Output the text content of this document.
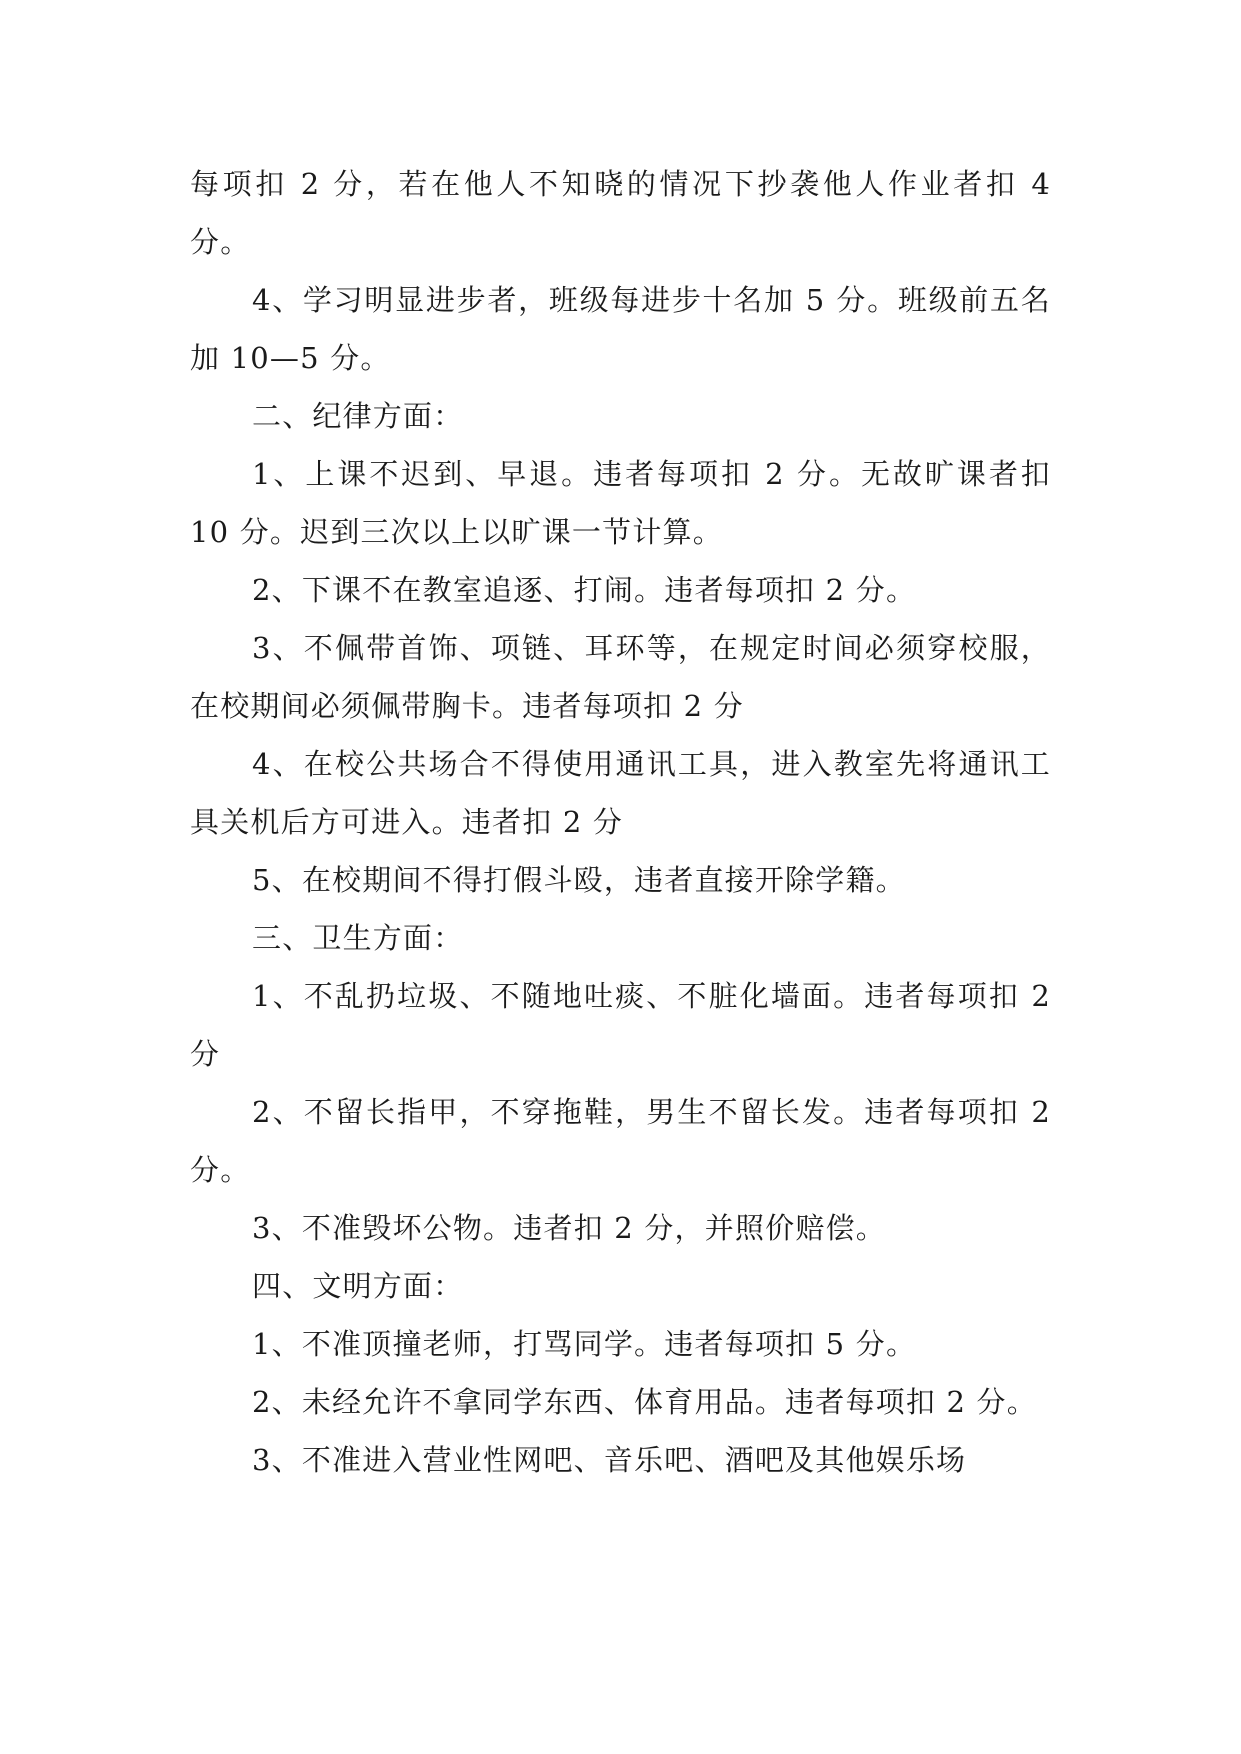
每项扣 2 分，若在他人不知晓的情况下抄袭他人作业者扣 4 分。

4、学习明显进步者，班级每进步十名加 5 分。班级前五名加 10—5 分。

二、纪律方面：

1、上课不迟到、早退。违者每项扣 2 分。无故旷课者扣 10 分。迟到三次以上以旷课一节计算。

2、下课不在教室追逐、打闹。违者每项扣 2 分。

3、不佩带首饰、项链、耳环等，在规定时间必须穿校服，在校期间必须佩带胸卡。违者每项扣 2 分

4、在校公共场合不得使用通讯工具，进入教室先将通讯工具关机后方可进入。违者扣 2 分

5、在校期间不得打假斗殴，违者直接开除学籍。

三、卫生方面：

1、不乱扔垃圾、不随地吐痰、不脏化墙面。违者每项扣 2 分

2、不留长指甲，不穿拖鞋，男生不留长发。违者每项扣 2 分。

3、不准毁坏公物。违者扣 2 分，并照价赔偿。

四、文明方面：

1、不准顶撞老师，打骂同学。违者每项扣 5 分。

2、未经允许不拿同学东西、体育用品。违者每项扣 2 分。

3、不准进入营业性网吧、音乐吧、酒吧及其他娱乐场
